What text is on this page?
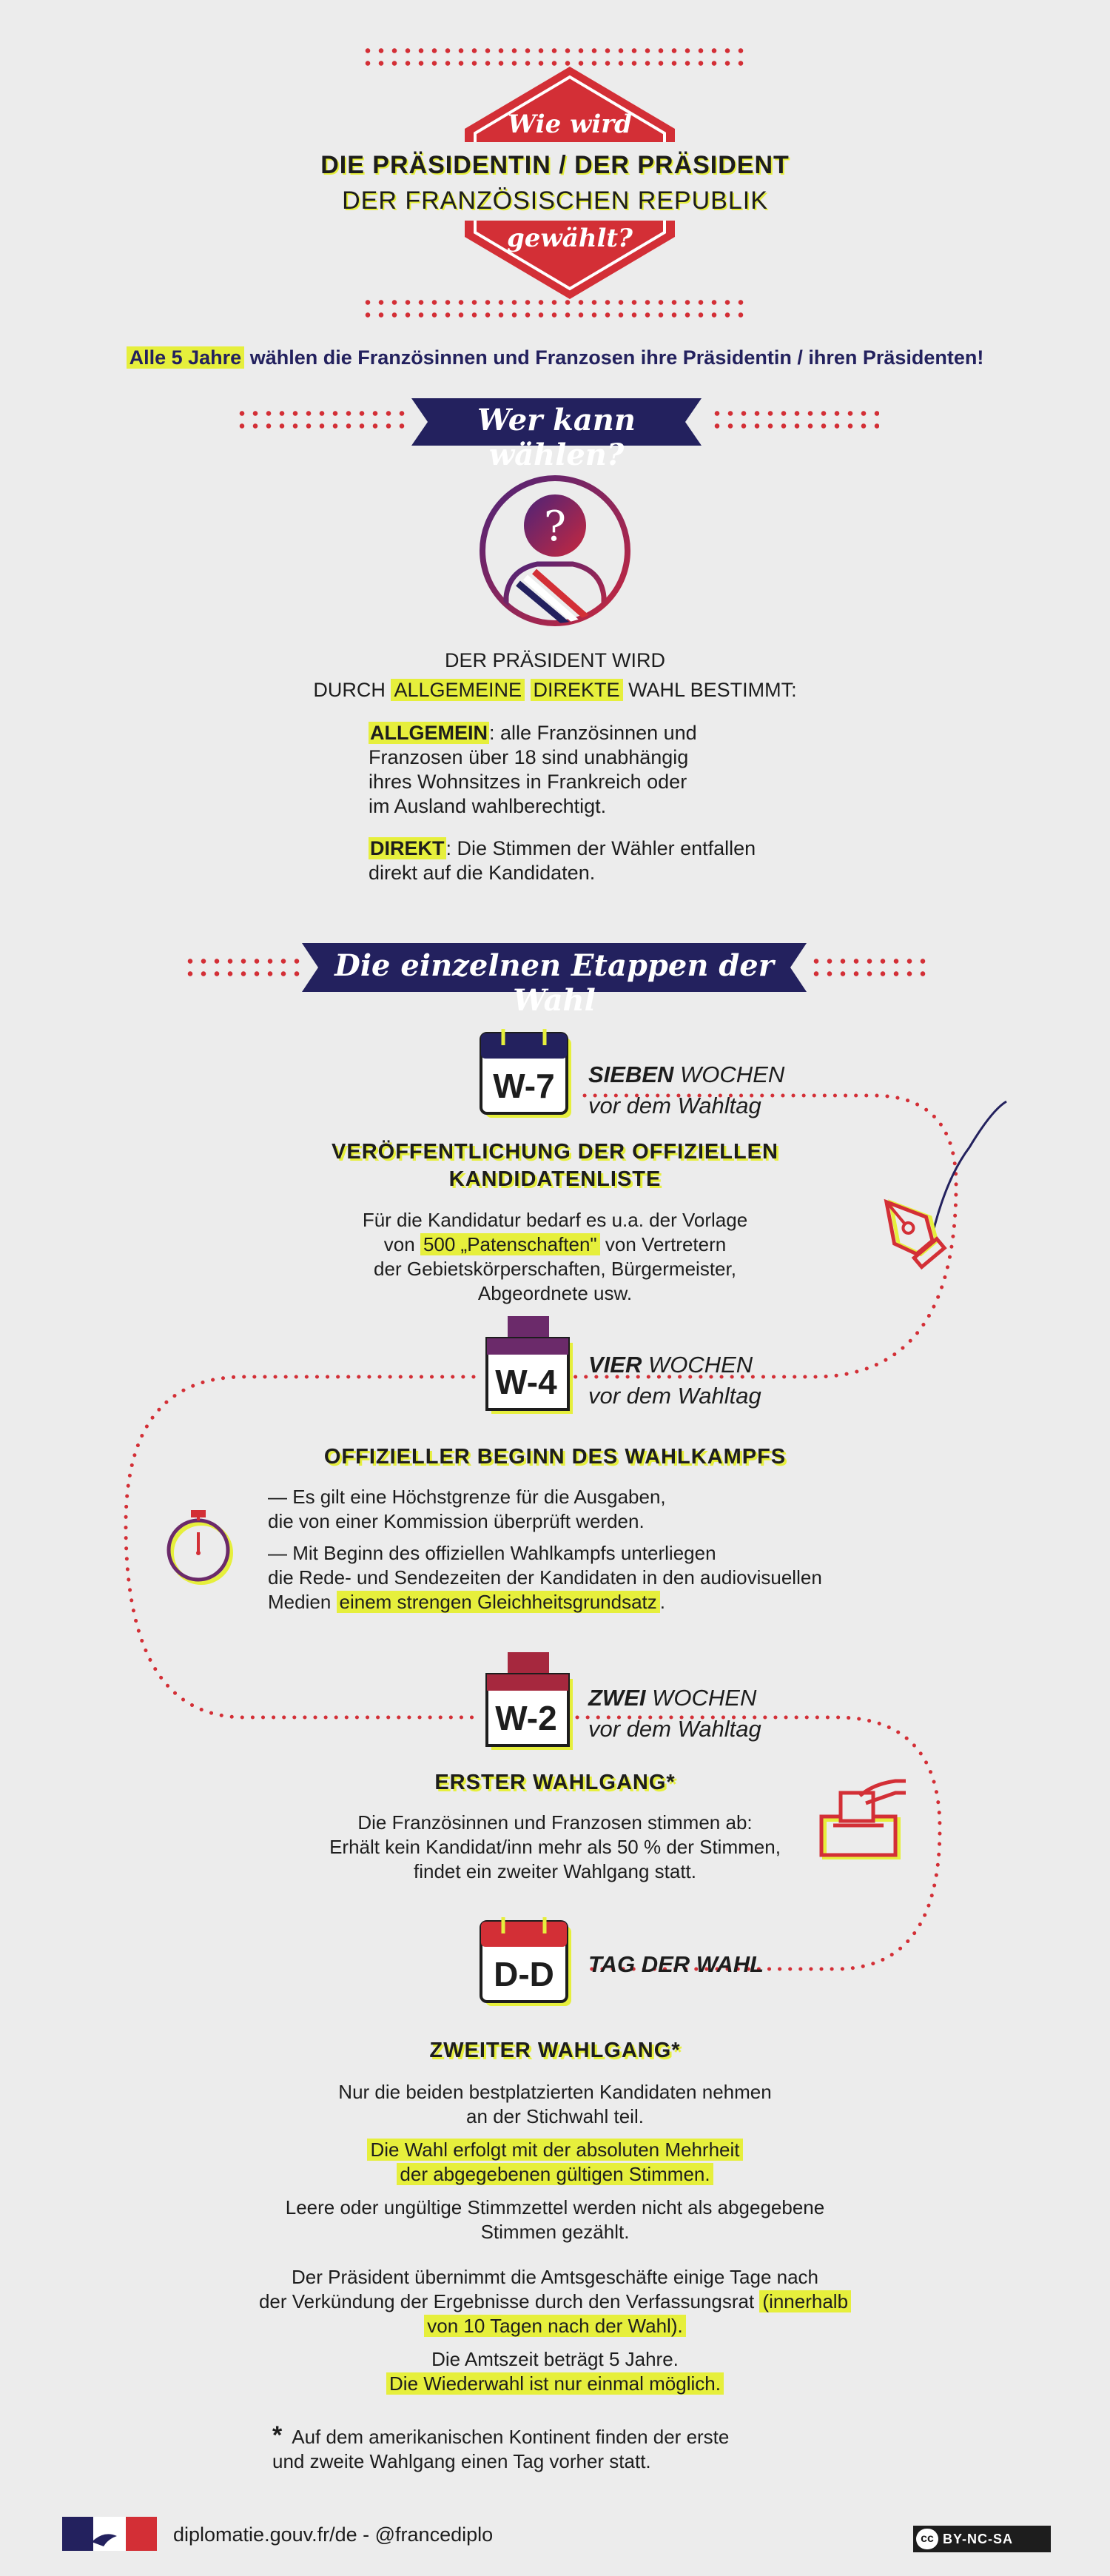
Wie wird
DIE PRÄSIDENTIN / DER PRÄSIDENT
DER FRANZÖSISCHEN REPUBLIK
gewählt?
Alle 5 Jahre wählen die Französinnen und Franzosen ihre Präsidentin / ihren Präsidenten!
Wer kann wählen?
?
DER PRÄSIDENT WIRD
DURCH ALLGEMEINE DIREKTE WAHL BESTIMMT:
ALLGEMEIN: alle Französinnen und
Franzosen über 18 sind unabhängig
ihres Wohnsitzes in Frankreich oder
im Ausland wahlberechtigt.
DIREKT: Die Stimmen der Wähler entfallen
direkt auf die Kandidaten.
Die einzelnen Etappen der Wahl
W-7	SIEBEN WOCHEN
vor dem Wahltag
VERÖFFENTLICHUNG DER OFFIZIELLEN
KANDIDATENLISTE
Für die Kandidatur bedarf es u.a. der Vorlage
von 500 „Patenschaften" von Vertretern
der Gebietskörperschaften, Bürgermeister,
Abgeordnete usw.
W-4	VIER WOCHEN
vor dem Wahltag
OFFIZIELLER BEGINN DES WAHLKAMPFS
— Es gilt eine Höchstgrenze für die Ausgaben,
die von einer Kommission überprüft werden.
— Mit Beginn des offiziellen Wahlkampfs unterliegen
die Rede- und Sendezeiten der Kandidaten in den audiovisuellen
Medien einem strengen Gleichheitsgrundsatz .
W-2
ZWEI WOCHEN
vor dem Wahltag
ERSTER WAHLGANG*
Die Französinnen und Franzosen stimmen ab:
Erhält kein Kandidat/inn mehr als 50 % der Stimmen,
findet ein zweiter Wahlgang statt.
D-D	TAG DER WAHL
ZWEITER WAHLGANG*
Nur die beiden bestplatzierten Kandidaten nehmen
an der Stichwahl teil.
Die Wahl erfolgt mit der absoluten Mehrheit
der abgegebenen gültigen Stimmen.
Leere oder ungültige Stimmzettel werden nicht als abgegebene
Stimmen gezählt.
Der Präsident übernimmt die Amtsgeschäfte einige Tage nach
der Verkündung der Ergebnisse durch den Verfassungsrat (innerhalb
von 10 Tagen nach der Wahl).
Die Amtszeit beträgt 5 Jahre.
Die Wiederwahl ist nur einmal möglich.
* Auf dem amerikanischen Kontinent finden der erste
und zweite Wahlgang einen Tag vorher statt.
diplomatie.gouv.fr/de - @francediplo	cc BY-NC-SA
